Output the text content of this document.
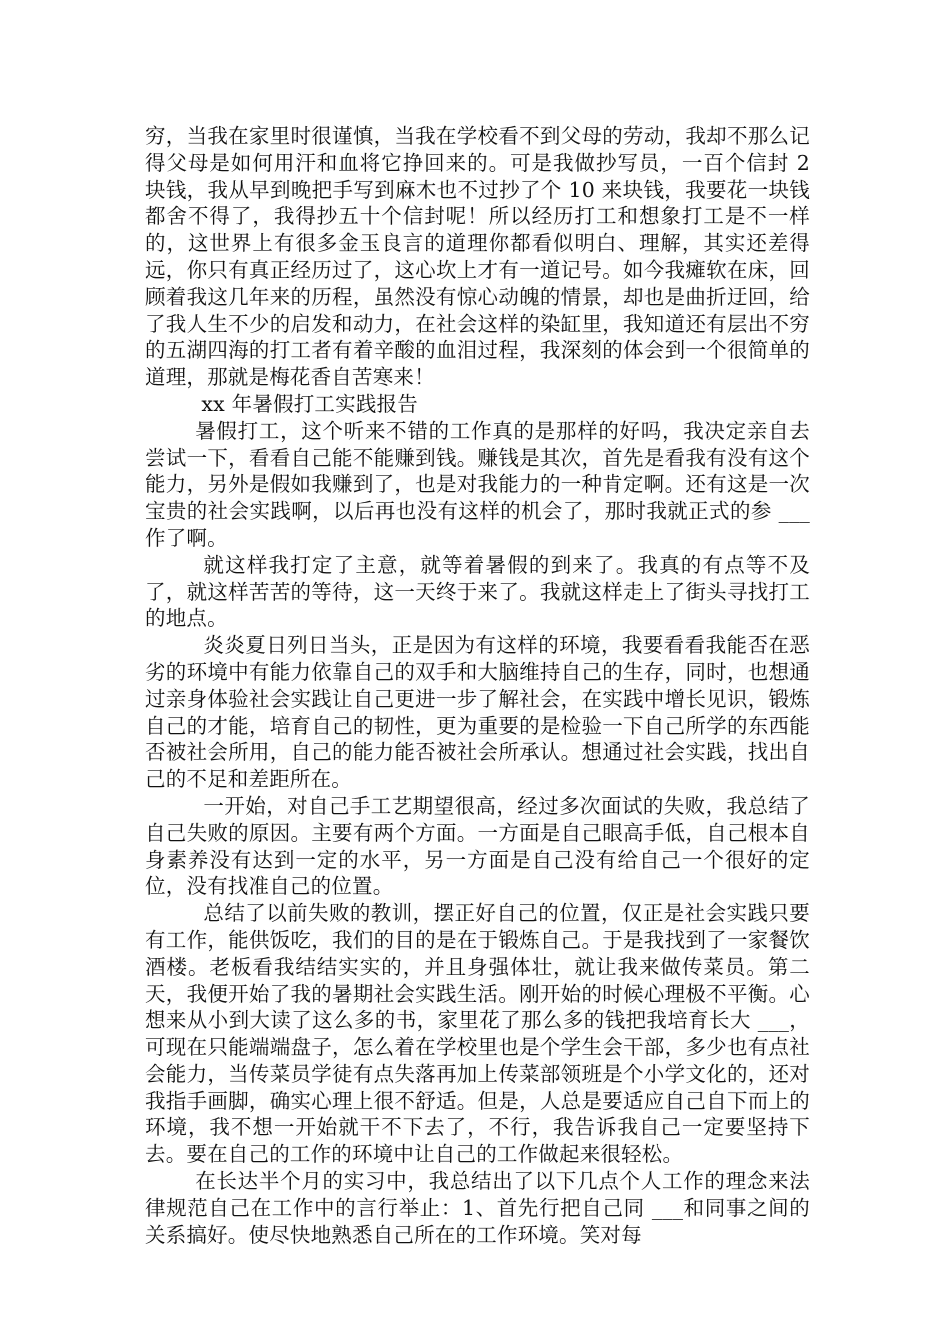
穷，当我在家里时很谨慎，当我在学校看不到父母的劳动，我却不那么记得父母是如何用汗和血将它挣回来的。可是我做抄写员，一百个信封 2 块钱，我从早到晚把手写到麻木也不过抄了个 10 来块钱，我要花一块钱都舍不得了，我得抄五十个信封呢！所以经历打工和想象打工是不一样的，这世界上有很多金玉良言的道理你都看似明白、理解，其实还差得远，你只有真正经历过了，这心坎上才有一道记号。如今我瘫软在床，回顾着我这几年来的历程，虽然没有惊心动魄的情景，却也是曲折迂回，给了我人生不少的启发和动力，在社会这样的染缸里，我知道还有层出不穷的五湖四海的打工者有着辛酸的血泪过程，我深刻的体会到一个很简单的道理，那就是梅花香自苦寒来！

xx 年暑假打工实践报告

暑假打工，这个听来不错的工作真的是那样的好吗，我决定亲自去尝试一下，看看自己能不能赚到钱。赚钱是其次，首先是看我有没有这个能力，另外是假如我赚到了，也是对我能力的一种肯定啊。还有这是一次宝贵的社会实践啊，以后再也没有这样的机会了，那时我就正式的参 ___作了啊。

就这样我打定了主意，就等着暑假的到来了。我真的有点等不及了，就这样苦苦的等待，这一天终于来了。我就这样走上了街头寻找打工的地点。

炎炎夏日列日当头，正是因为有这样的环境，我要看看我能否在恶劣的环境中有能力依靠自己的双手和大脑维持自己的生存，同时，也想通过亲身体验社会实践让自己更进一步了解社会，在实践中增长见识，锻炼自己的才能，培育自己的韧性，更为重要的是检验一下自己所学的东西能否被社会所用，自己的能力能否被社会所承认。想通过社会实践，找出自己的不足和差距所在。

一开始，对自己手工艺期望很高，经过多次面试的失败，我总结了自己失败的原因。主要有两个方面。一方面是自己眼高手低，自己根本自身素养没有达到一定的水平，另一方面是自己没有给自己一个很好的定位，没有找准自己的位置。

总结了以前失败的教训，摆正好自己的位置，仅正是社会实践只要有工作，能供饭吃，我们的目的是在于锻炼自己。于是我找到了一家餐饮酒楼。老板看我结结实实的，并且身强体壮，就让我来做传菜员。第二天，我便开始了我的暑期社会实践生活。刚开始的时候心理极不平衡。心想来从小到大读了这么多的书，家里花了那么多的钱把我培育长大 ___，可现在只能端端盘子，怎么着在学校里也是个学生会干部，多少也有点社会能力，当传菜员学徒有点失落再加上传菜部领班是个小学文化的，还对我指手画脚，确实心理上很不舒适。但是，人总是要适应自己自下而上的环境，我不想一开始就干不下去了，不行，我告诉我自己一定要坚持下去。要在自己的工作的环境中让自己的工作做起来很轻松。

在长达半个月的实习中，我总结出了以下几点个人工作的理念来法律规范自己在工作中的言行举止：1、首先行把自己同 ___和同事之间的关系搞好。使尽快地熟悉自己所在的工作环境。笑对每
